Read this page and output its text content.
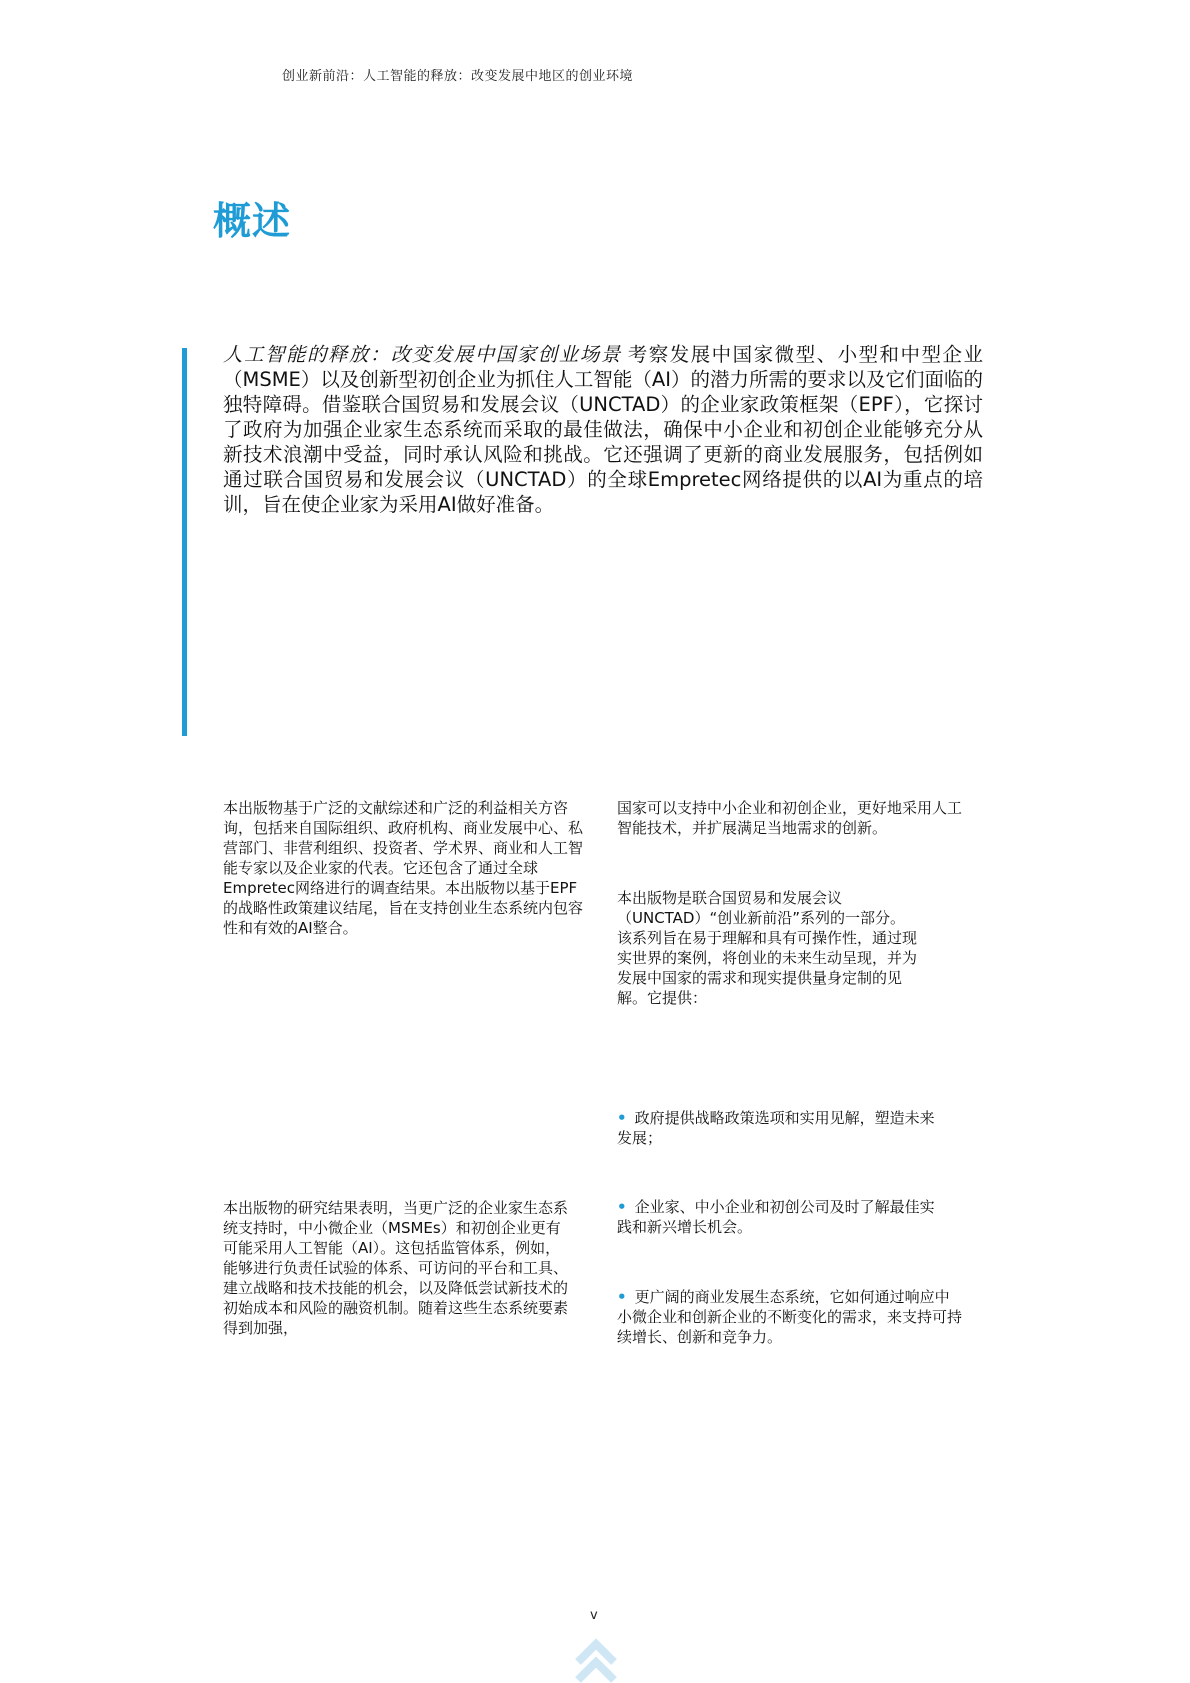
创业新前沿：人工智能的释放：改变发展中地区的创业环境
概述

人工智能的释放：改变发展中国家创业场景 考察发展中国家微型、小型和中型企业（MSME）以及创新型初创企业为抓住人工智能（AI）的潜力所需的要求以及它们面临的独特障碍。借鉴联合国贸易和发展会议（UNCTAD）的企业家政策框架（EPF），它探讨了政府为加强企业家生态系统而采取的最佳做法，确保中小企业和初创企业能够充分从新技术浪潮中受益，同时承认风险和挑战。它还强调了更新的商业发展服务，包括例如通过联合国贸易和发展会议（UNCTAD）的全球Empretec网络提供的以AI为重点的培训，旨在使企业家为采用AI做好准备。

本出版物基于广泛的文献综述和广泛的利益相关方咨询，包括来自国际组织、政府机构、商业发展中心、私营部门、非营利组织、投资者、学术界、商业和人工智能专家以及企业家的代表。它还包含了通过全球Empretec网络进行的调查结果。本出版物以基于EPF的战略性政策建议结尾，旨在支持创业生态系统内包容性和有效的AI整合。

本出版物的研究结果表明，当更广泛的企业家生态系统支持时，中小微企业（MSMEs）和初创企业更有可能采用人工智能（AI）。这包括监管体系，例如，能够进行负责任试验的体系、可访问的平台和工具、建立战略和技术技能的机会，以及降低尝试新技术的初始成本和风险的融资机制。随着这些生态系统要素得到加强，

国家可以支持中小企业和初创企业，更好地采用人工智能技术，并扩展满足当地需求的创新。

本出版物是联合国贸易和发展会议（UNCTAD）“创业新前沿”系列的一部分。该系列旨在易于理解和具有可操作性，通过现实世界的案例，将创业的未来生动呈现，并为发展中国家的需求和现实提供量身定制的见解。它提供：

• 政府提供战略政策选项和实用见解，塑造未来发展；

• 企业家、中小企业和初创公司及时了解最佳实践和新兴增长机会。

• 更广阔的商业发展生态系统，它如何通过响应中小微企业和创新企业的不断变化的需求，来支持可持续增长、创新和竞争力。

v
